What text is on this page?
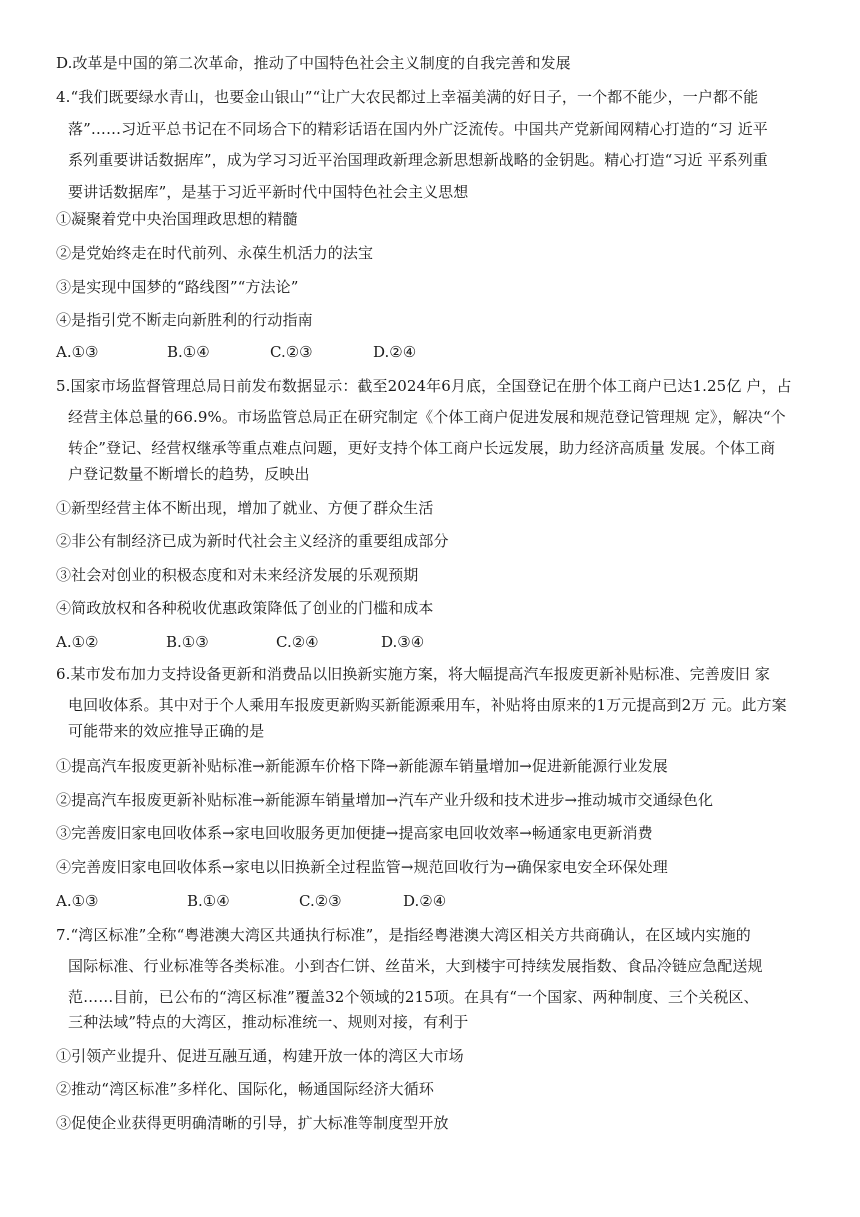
D.改革是中国的第二次革命，推动了中国特色社会主义制度的自我完善和发展
4.“我们既要绿水青山，也要金山银山”“让广大农民都过上幸福美满的好日子，一个都不能少，一户都不能
落”……习近平总书记在不同场合下的精彩话语在国内外广泛流传。中国共产党新闻网精心打造的“习 近平
系列重要讲话数据库”，成为学习习近平治国理政新理念新思想新战略的金钥匙。精心打造“习近 平系列重
要讲话数据库”，是基于习近平新时代中国特色社会主义思想
①凝聚着党中央治国理政思想的精髓
②是党始终走在时代前列、永葆生机活力的法宝
③是实现中国梦的“路线图”“方法论”
④是指引党不断走向新胜利的行动指南
A.①③	B.①④	C.②③	D.②④
5.国家市场监督管理总局日前发布数据显示：截至2024年6月底，全国登记在册个体工商户已达1.25亿 户，占
经营主体总量的66.9%。市场监管总局正在研究制定《个体工商户促进发展和规范登记管理规 定》，解决“个
转企”登记、经营权继承等重点难点问题，更好支持个体工商户长远发展，助力经济高质量 发展。个体工商
户登记数量不断增长的趋势，反映出
①新型经营主体不断出现，增加了就业、方便了群众生活
②非公有制经济已成为新时代社会主义经济的重要组成部分
③社会对创业的积极态度和对未来经济发展的乐观预期
④简政放权和各种税收优惠政策降低了创业的门槛和成本
A.①②	B.①③	C.②④	D.③④
6.某市发布加力支持设备更新和消费品以旧换新实施方案，将大幅提高汽车报废更新补贴标准、完善废旧 家
电回收体系。其中对于个人乘用车报废更新购买新能源乘用车，补贴将由原来的1万元提高到2万 元。此方案
可能带来的效应推导正确的是
①提高汽车报废更新补贴标准→新能源车价格下降→新能源车销量增加→促进新能源行业发展
②提高汽车报废更新补贴标准→新能源车销量增加→汽车产业升级和技术进步→推动城市交通绿色化
③完善废旧家电回收体系→家电回收服务更加便捷→提高家电回收效率→畅通家电更新消费
④完善废旧家电回收体系→家电以旧换新全过程监管→规范回收行为→确保家电安全环保处理
A.①③	B.①④	C.②③	D.②④
7.“湾区标准”全称“粤港澳大湾区共通执行标准”，是指经粤港澳大湾区相关方共商确认，在区域内实施的
国际标准、行业标准等各类标准。小到杏仁饼、丝苗米，大到楼宇可持续发展指数、食品冷链应急配送规
范……目前，已公布的“湾区标准”覆盖32个领域的215项。在具有“一个国家、两种制度、三个关税区、
三种法域”特点的大湾区，推动标准统一、规则对接，有利于
①引领产业提升、促进互融互通，构建开放一体的湾区大市场
②推动“湾区标准”多样化、国际化，畅通国际经济大循环
③促使企业获得更明确清晰的引导，扩大标准等制度型开放
